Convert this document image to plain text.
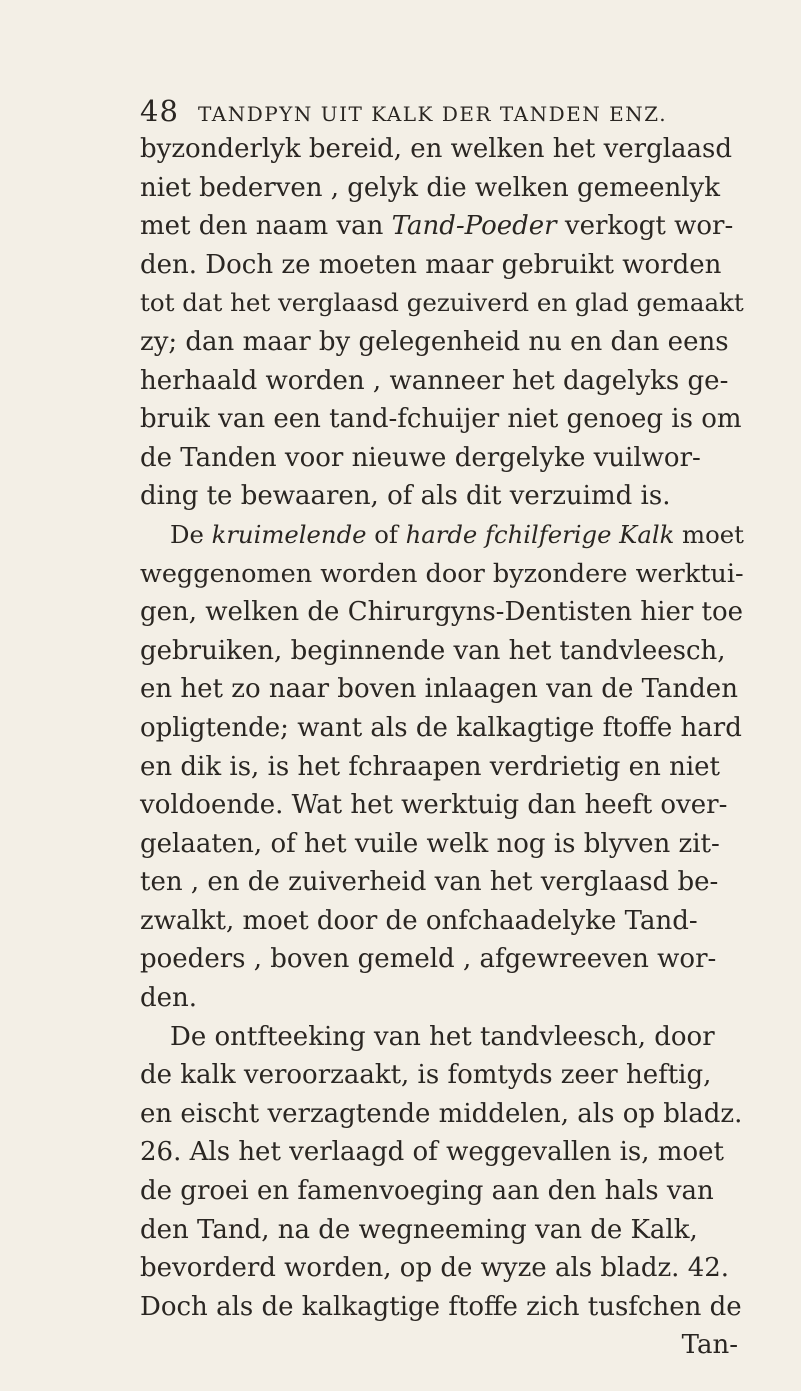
48 TANDPYN UIT KALK DER TANDEN ENZ.
byzonderlyk bereid, en welken het verglaasd
niet bederven , gelyk die welken gemeenlyk
met den naam van Tand-Poeder verkogt wor-
den. Doch ze moeten maar gebruikt worden
tot dat het verglaasd gezuiverd en glad gemaakt
zy; dan maar by gelegenheid nu en dan eens
herhaald worden , wanneer het dagelyks ge-
bruik van een tand-fchuijer niet genoeg is om
de Tanden voor nieuwe dergelyke vuilwor-
ding te bewaaren, of als dit verzuimd is.
De kruimelende of harde fchilferige Kalk moet
weggenomen worden door byzondere werktui-
gen, welken de Chirurgyns-Dentisten hier toe
gebruiken, beginnende van het tandvleesch,
en het zo naar boven inlaagen van de Tanden
opligtende; want als de kalkagtige ftoffe hard
en dik is, is het fchraapen verdrietig en niet
voldoende. Wat het werktuig dan heeft over-
gelaaten, of het vuile welk nog is blyven zit-
ten , en de zuiverheid van het verglaasd be-
zwalkt, moet door de onfchaadelyke Tand-
poeders , boven gemeld , afgewreeven wor-
den.
De ontfteeking van het tandvleesch, door
de kalk veroorzaakt, is fomtyds zeer heftig,
en eischt verzagtende middelen, als op bladz.
26. Als het verlaagd of weggevallen is, moet
de groei en famenvoeging aan den hals van
den Tand, na de wegneeming van de Kalk,
bevorderd worden, op de wyze als bladz. 42.
Doch als de kalkagtige ftoffe zich tusfchen de
Tan-
